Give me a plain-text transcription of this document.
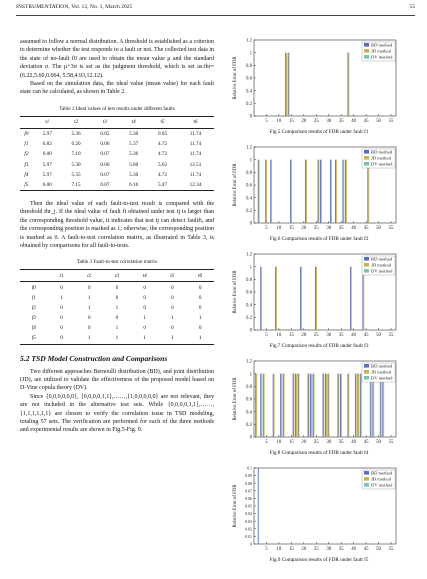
INSTRUMENTATION, Vol. 12, No. 1, March 2025	55

assumed to follow a normal distribution. A threshold is established as a criterion to determine whether the test responds to a fault or not. The collected test data in the state of no-fault f0 are used to obtain the mean value μ and the standard deviation σ. The μ+3σ is set as the judgment threshold, which is set as:thr=(6.22,5.60,0.064, 5.58,4.93,12.12).

Based on the simulation data, the ideal value (mean value) for each fault state can be calculated, as shown in Table 2.

Table 2 Ideal values of test results under different faults

	t1	t2	t3	t4	t5	t6
f0	5.97	5.36	0.05	5.30	0.05	11.74
f1	6.82	6.20	0.06	5.37	4.72	11.74
f2	6.00	7.10	0.07	5.36	4.72	11.74
f3	5.97	5.30	0.06	5.60	5.62	12.51
f4	5.97	5.35	0.07	5.30	4.72	11.74
f5	6.00	7.15	0.07	6.10	5.47	12.34

Then the ideal value of each fault-to-test result is compared with the threshold thr_j. If the ideal value of fault fi obtained under test tj is larger than the corresponding threshold value, it indicates that test tj can detect faultfi, and the corresponding position is marked as 1; otherwise, the corresponding position is marked as 0. A fault-to-test correlation matrix, as illustrated in Table 3, is obtained by comparisons for all fault-to-tests.

Table 3 Fault-to-test correlation matrix

	t1	t2	t3	t4	t5	t6
f0	0	0	0	0	0	0
f1	1	1	0	0	0	0
f2	0	1	1	0	0	0
f3	0	0	0	1	1	1
f4	0	0	1	0	0	0
f5	0	1	1	1	1	1
5.2 TSD Model Construction and Comparisons

Two different approaches Bernoulli distribution (BD), and joint distribution (JD), are utilized to validate the effectiveness of the proposed model based on D-Vine copula theory (DV).

Since {0,0,0,0,0,0}, {0,0,0,0,1,1},……,{1,0,0,0,0,0} are not relevant, they are not included in the alternative test sets. While {0,0,0,0,1,1},……, {1,1,1,1,1,1} are chosen to verify the correlation issue in TSD modeling, totaling 57 sets. The verification are performed for each of the three methods and experimental results are shown in Fig.5-Fig. 9.

0
0.2
0.4
0.6
0.8
1
1.2
5 10 15 20 25 30 35 40 45 50 55
Relative Error of FDR
BD method
JD method
DV method

Fig.5 Comparison results of FDR under fault f1

0
0.2
0.4
0.6
0.8
1
1.2
5 10 15 20 25 30 35 40 45 50 55
Relative Error of FDR
BD method
JD method
DV method

Fig.6 Comparison results of FDR under fault f2

0
0.2
0.4
0.6
0.8
1
1.2
5 10 15 20 25 30 35 40 45 50 55
Relative Error of FDR
BD method
JD method
DV method

Fig.7 Comparison results of FDR under fault f3

0
0.2
0.4
0.6
0.8
1
1.2
5 10 15 20 25 30 35 40 45 50 55
Relative Error of FDR
BD method
JD method
DV method

Fig.8 Comparison results of FDR under fault f4

0
0.01
0.02
0.03
0.04
0.05
0.06
0.07
0.08
0.09
0.1
5 10 15 20 25 30 35 40 45 50 55
Relative Error of FDR
BD method
JD method
DV method

Fig.9 Comparison results of FDR under fault f5
